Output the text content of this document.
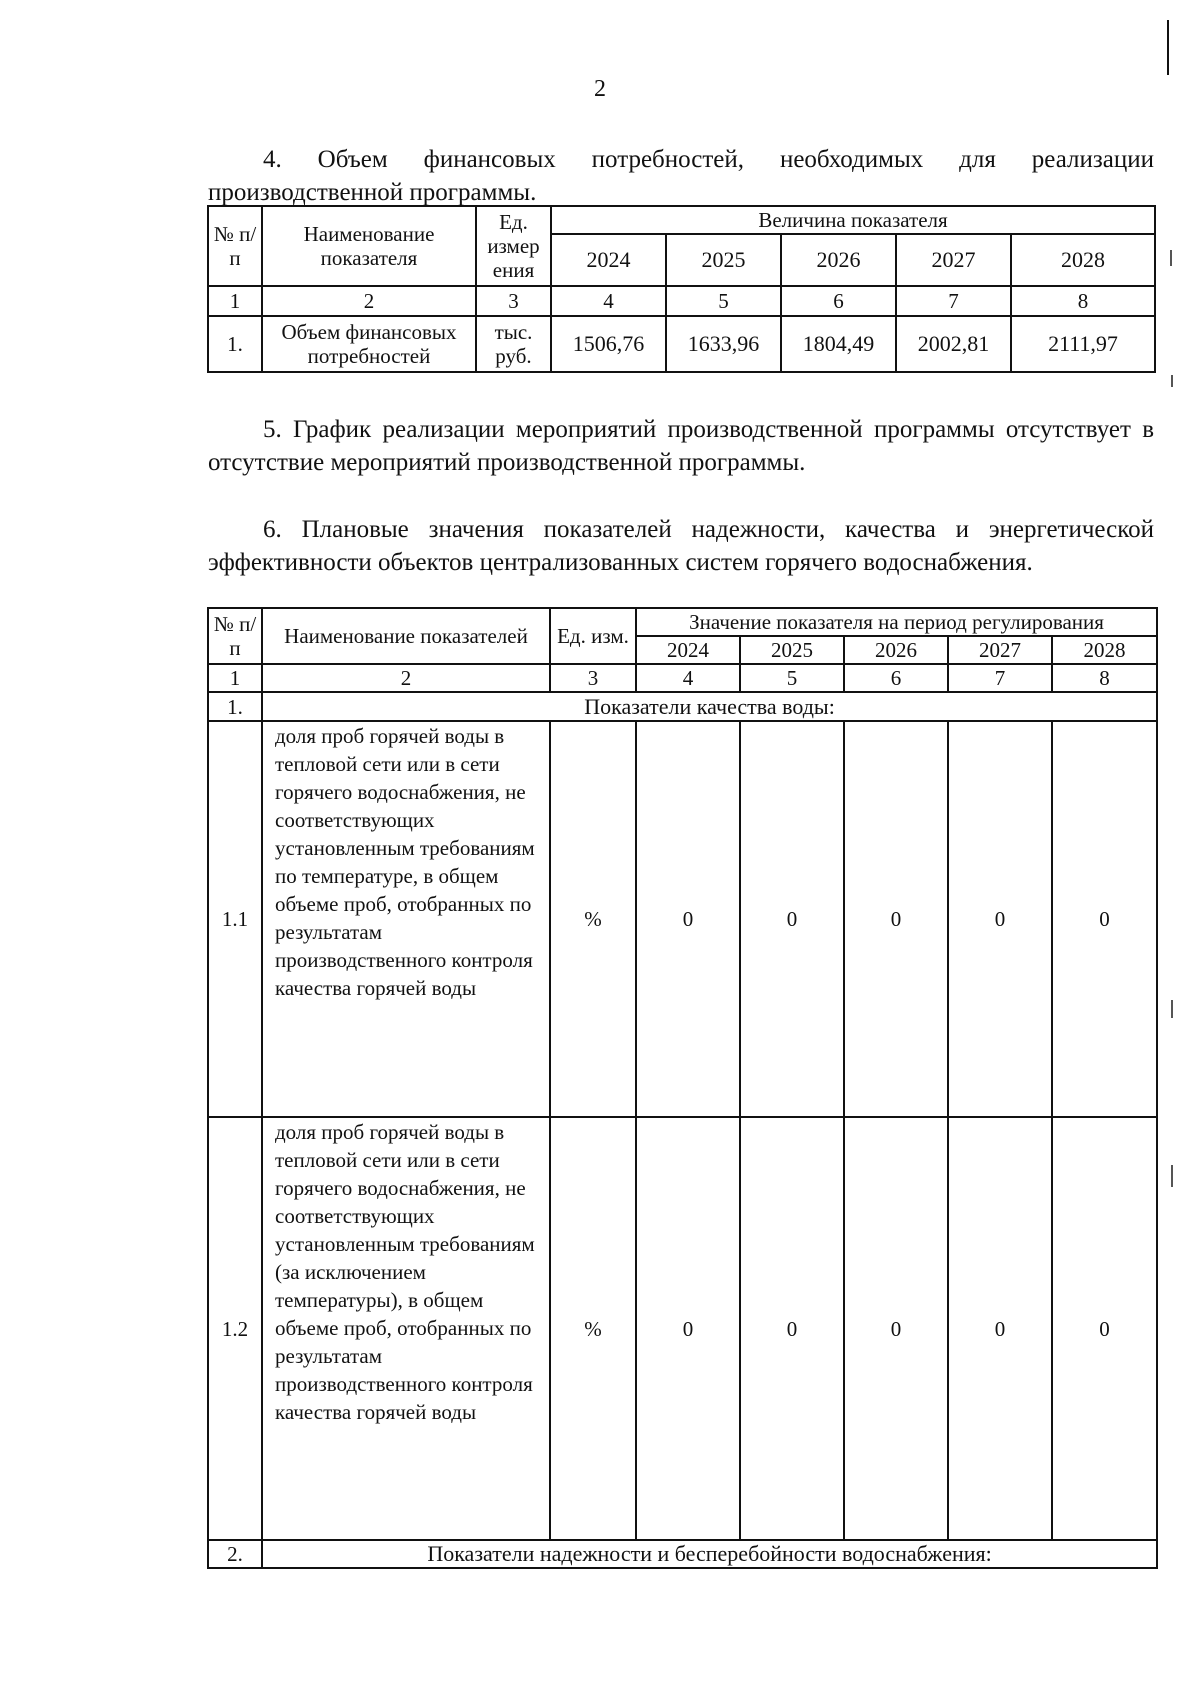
2
4. Объем финансовых потребностей, необходимых для реализации производственной программы.
№ п/п	Наименование показателя	Ед. измер ения	Величина показателя				
			2024	2025	2026	2027	2028
1	2	3	4	5	6	7	8
1.	Объем финансовых потребностей	тыс. руб.	1506,76	1633,96	1804,49	2002,81	2111,97
5. График реализации мероприятий производственной программы отсутствует в отсутствие мероприятий производственной программы.
6. Плановые значения показателей надежности, качества и энергетической эффективности объектов централизованных систем горячего водоснабжения.
№ п/п	Наименование показателей	Ед. изм.	Значение показателя на период регулирования				
			2024	2025	2026	2027	2028
1	2	3	4	5	6	7	8
1.	Показатели качества воды:						
1.1	доля проб горячей воды в тепловой сети или в сети горячего водоснабжения, не соответствующих установленным требованиям по температуре, в общем объеме проб, отобранных по результатам производственного контроля качества горячей воды	%	0	0	0	0	0
1.2	доля проб горячей воды в тепловой сети или в сети горячего водоснабжения, не соответствующих установленным требованиям (за исключением температуры), в общем объеме проб, отобранных по результатам производственного контроля качества горячей воды	%	0	0	0	0	0
2.	Показатели надежности и бесперебойности водоснабжения:						
